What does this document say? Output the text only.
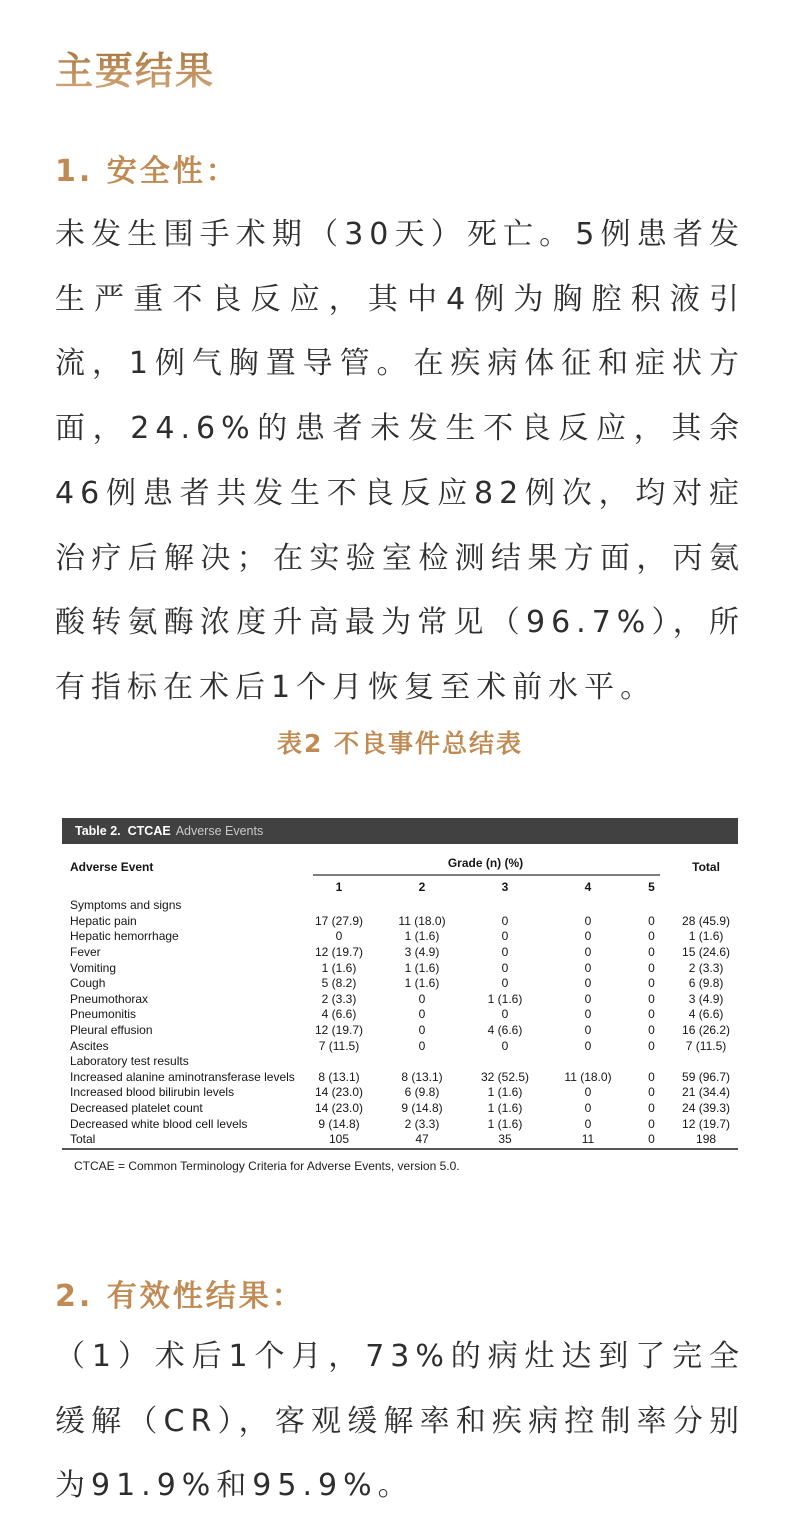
主要结果
1. 安全性：

未发生围手术期（30天）死亡。5例患者发生严重不良反应，其中4例为胸腔积液引流，1例气胸置导管。在疾病体征和症状方面，24.6%的患者未发生不良反应，其余46例患者共发生不良反应82例次，均对症治疗后解决；在实验室检测结果方面，丙氨酸转氨酶浓度升高最为常见（96.7%），所有指标在术后1个月恢复至术前水平。

表2 不良事件总结表
Table 2. CTCAE Adverse Events
Adverse Event	Grade (n) (%)					Total
	1	2	3	4	5	
Symptoms and signs						
Hepatic pain	17 (27.9)	11 (18.0)	0	0	0	28 (45.9)
Hepatic hemorrhage	0	1 (1.6)	0	0	0	1 (1.6)
Fever	12 (19.7)	3 (4.9)	0	0	0	15 (24.6)
Vomiting	1 (1.6)	1 (1.6)	0	0	0	2 (3.3)
Cough	5 (8.2)	1 (1.6)	0	0	0	6 (9.8)
Pneumothorax	2 (3.3)	0	1 (1.6)	0	0	3 (4.9)
Pneumonitis	4 (6.6)	0	0	0	0	4 (6.6)
Pleural effusion	12 (19.7)	0	4 (6.6)	0	0	16 (26.2)
Ascites	7 (11.5)	0	0	0	0	7 (11.5)
Laboratory test results						
Increased alanine aminotransferase levels	8 (13.1)	8 (13.1)	32 (52.5)	11 (18.0)	0	59 (96.7)
Increased blood bilirubin levels	14 (23.0)	6 (9.8)	1 (1.6)	0	0	21 (34.4)
Decreased platelet count	14 (23.0)	9 (14.8)	1 (1.6)	0	0	24 (39.3)
Decreased white blood cell levels	9 (14.8)	2 (3.3)	1 (1.6)	0	0	12 (19.7)
Total	105	47	35	11	0	198
CTCAE = Common Terminology Criteria for Adverse Events, version 5.0.
2. 有效性结果：

（1）术后1个月，73%的病灶达到了完全缓解（CR），客观缓解率和疾病控制率分别为91.9%和95.9%。
